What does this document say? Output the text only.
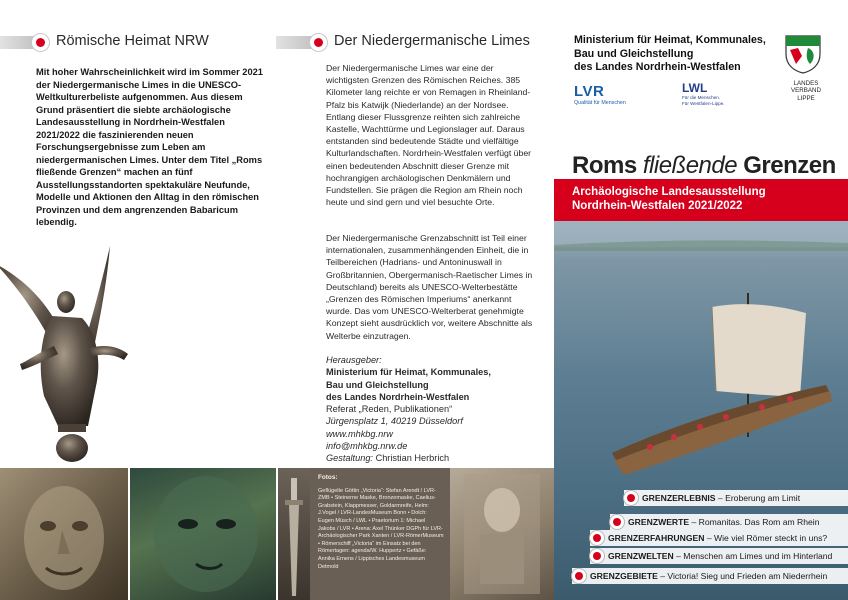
Römische Heimat NRW
Mit hoher Wahrscheinlichkeit wird im Sommer 2021 der Niedergermanische Limes in die UNESCO-Weltkulturerbeliste aufgenommen. Aus diesem Grund präsentiert die siebte archäologische Landesausstellung in Nordrhein-Westfalen 2021/2022 die faszinierenden neuen Forschungsergebnisse zum Leben am niedergermanischen Limes. Unter dem Titel „Roms fließende Grenzen“ machen an fünf Ausstellungsstandorten spektakuläre Neufunde, Modelle und Aktionen den Alltag in den römischen Provinzen und dem angrenzenden Babaricum lebendig.
Der Niedergermanische Limes
Der Niedergermanische Limes war eine der wichtigsten Grenzen des Römischen Reiches. 385 Kilometer lang reichte er von Remagen in Rheinland-Pfalz bis Katwijk (Niederlande) an der Nordsee. Entlang dieser Flussgrenze reihten sich zahlreiche Kastelle, Wachttürme und Legionslager auf. Daraus entstanden sind bedeutende Städte und vielfältige Kulturlandschaften. Nordrhein-Westfalen verfügt über einen bedeutenden Abschnitt dieser Grenze mit hochrangigen archäologischen Denkmälern und Fundstellen. Sie prägen die Region am Rhein noch heute und sind gern und viel besuchte Orte.
Der Niedergermanische Grenzabschnitt ist Teil einer internationalen, zusammenhängenden Einheit, die in Teilbereichen (Hadrians- und Antoninuswall in Großbritannien, Obergermanisch-Raetischer Limes in Deutschland) bereits als UNESCO-Welterbestätte „Grenzen des Römischen Imperiums“ anerkannt wurde. Das vom UNESCO-Welterberat genehmigte Konzept sieht ausdrücklich vor, weitere Abschnitte als Welterbe einzutragen.
Herausgeber:
Ministerium für Heimat, Kommunales,
Bau und Gleichstellung
des Landes Nordrhein-Westfalen
Referat „Reden, Publikationen“
Jürgensplatz 1, 40219 Düsseldorf
www.mhkbg.nrw
info@mhkbg.nrw.de
Gestaltung: Christian Herbrich
Fotos:
Geflügelte Göttin „Victoria“: Stefan Arendt / LVR-ZMB • Steinerne Maske, Bronzemaske, Caelius-Grabstein, Klappmesser, Goldarmreife, Helm: J.Vogel / LVR-LandesMuseum Bonn • Dolch: Eugen Müsch / LWL • Praetorium 1: Michael Jakobs / LVR • Arena: Axel Thünker DGPh für LVR-Archäologischer Park Xanten / LVR-RömerMuseum • Römerschiff „Victoria“ im Einsatz bei den Römertagen: agenda/W. Huppertz • Gefäße: Annika Ernens / Lippisches Landesmuseum Detmold
Ministerium für Heimat, Kommunales,
Bau und Gleichstellung
des Landes Nordrhein-Westfalen
LVR
Qualität für Menschen
LWL
Für die Menschen.
Für Westfalen-Lippe.
LANDES
VERBAND
LIPPE
Roms fließende Grenzen
Archäologische Landesausstellung
Nordrhein-Westfalen 2021/2022
GRENZERLEBNIS – Eroberung am Limit
GRENZWERTE – Romanitas. Das Rom am Rhein
GRENZERFAHRUNGEN – Wie viel Römer steckt in uns?
GRENZWELTEN – Menschen am Limes und im Hinterland
GRENZGEBIETE – Victoria! Sieg und Frieden am Niederrhein
